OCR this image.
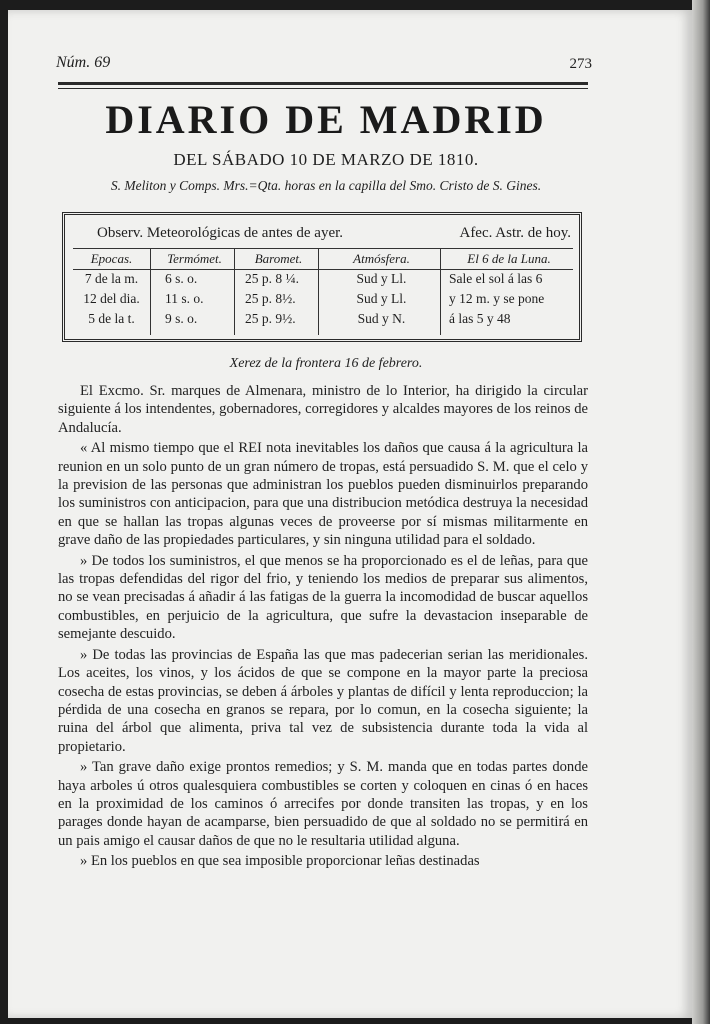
Núm. 69	273
DIARIO DE MADRID
DEL SÁBADO 10 DE MARZO DE 1810.
S. Meliton y Comps. Mrs.=Qta. horas en la capilla del Smo. Cristo de S. Gines.
Observ. Meteorológicas de antes de ayer.	Afec. Astr. de hoy.
Epocas.
7 de la m.
12 del dia.
5 de la t.
Termómet.
6 s. o.
11 s. o.
9 s. o.
Baromet.
25 p. 8 ¼.
25 p. 8½.
25 p. 9½.
Atmósfera.
Sud y Ll.
Sud y Ll.
Sud y N.
El 6 de la Luna.
Sale el sol á las 6
y 12 m. y se pone
á las 5 y 48
Xerez de la frontera 16 de febrero.

El Excmo. Sr. marques de Almenara, ministro de lo Interior, ha dirigido la circular siguiente á los intendentes, gobernadores, corregidores y alcaldes mayores de los reinos de Andalucía.

« Al mismo tiempo que el REI nota inevitables los daños que causa á la agricultura la reunion en un solo punto de un gran número de tropas, está persuadido S. M. que el celo y la prevision de las personas que administran los pueblos pueden disminuirlos preparando los suministros con anticipacion, para que una distribucion metódica destruya la necesidad en que se hallan las tropas algunas veces de proveerse por sí mismas militarmente en grave daño de las propiedades particulares, y sin ninguna utilidad para el soldado.

» De todos los suministros, el que menos se ha proporcionado es el de leñas, para que las tropas defendidas del rigor del frio, y teniendo los medios de preparar sus alimentos, no se vean precisadas á añadir á las fatigas de la guerra la incomodidad de buscar aquellos combustibles, en perjuicio de la agricultura, que sufre la devastacion inseparable de semejante descuido.

» De todas las provincias de España las que mas padecerian serian las meridionales. Los aceites, los vinos, y los ácidos de que se compone en la mayor parte la preciosa cosecha de estas provincias, se deben á árboles y plantas de difícil y lenta reproduccion; la pérdida de una cosecha en granos se repara, por lo comun, en la cosecha siguiente; la ruina del árbol que alimenta, priva tal vez de subsistencia durante toda la vida al propietario.

» Tan grave daño exige prontos remedios; y S. M. manda que en todas partes donde haya arboles ú otros qualesquiera combustibles se corten y coloquen en cinas ó en haces en la proximidad de los caminos ó arrecifes por donde transiten las tropas, y en los parages donde hayan de acamparse, bien persuadido de que al soldado no se permitirá en un pais amigo el causar daños de que no le resultaria utilidad alguna.

» En los pueblos en que sea imposible proporcionar leñas destinadas
